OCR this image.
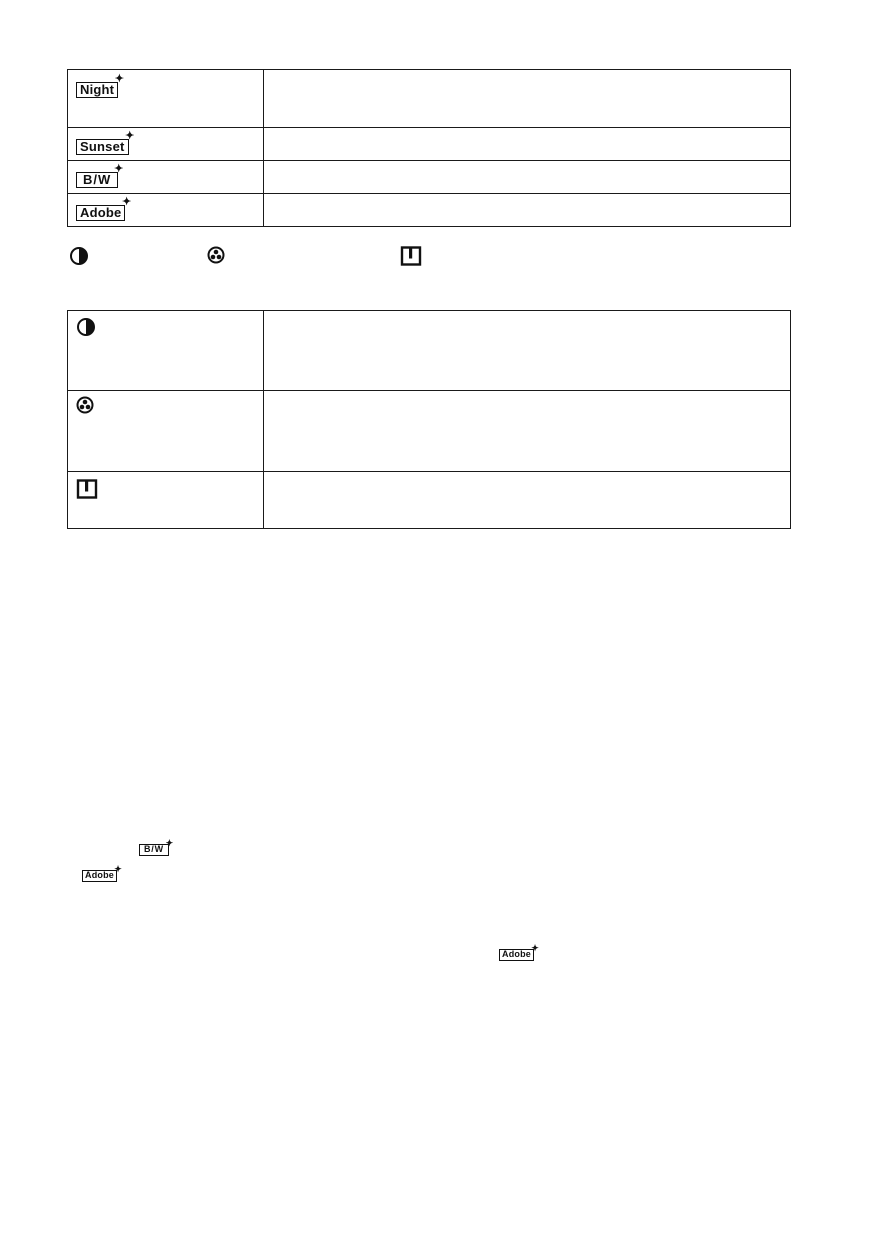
Night
✦	

Sunset
✦	

B/W
✦	

Adobe
✦	

B/W
✦
Adobe
✦
Adobe
✦
